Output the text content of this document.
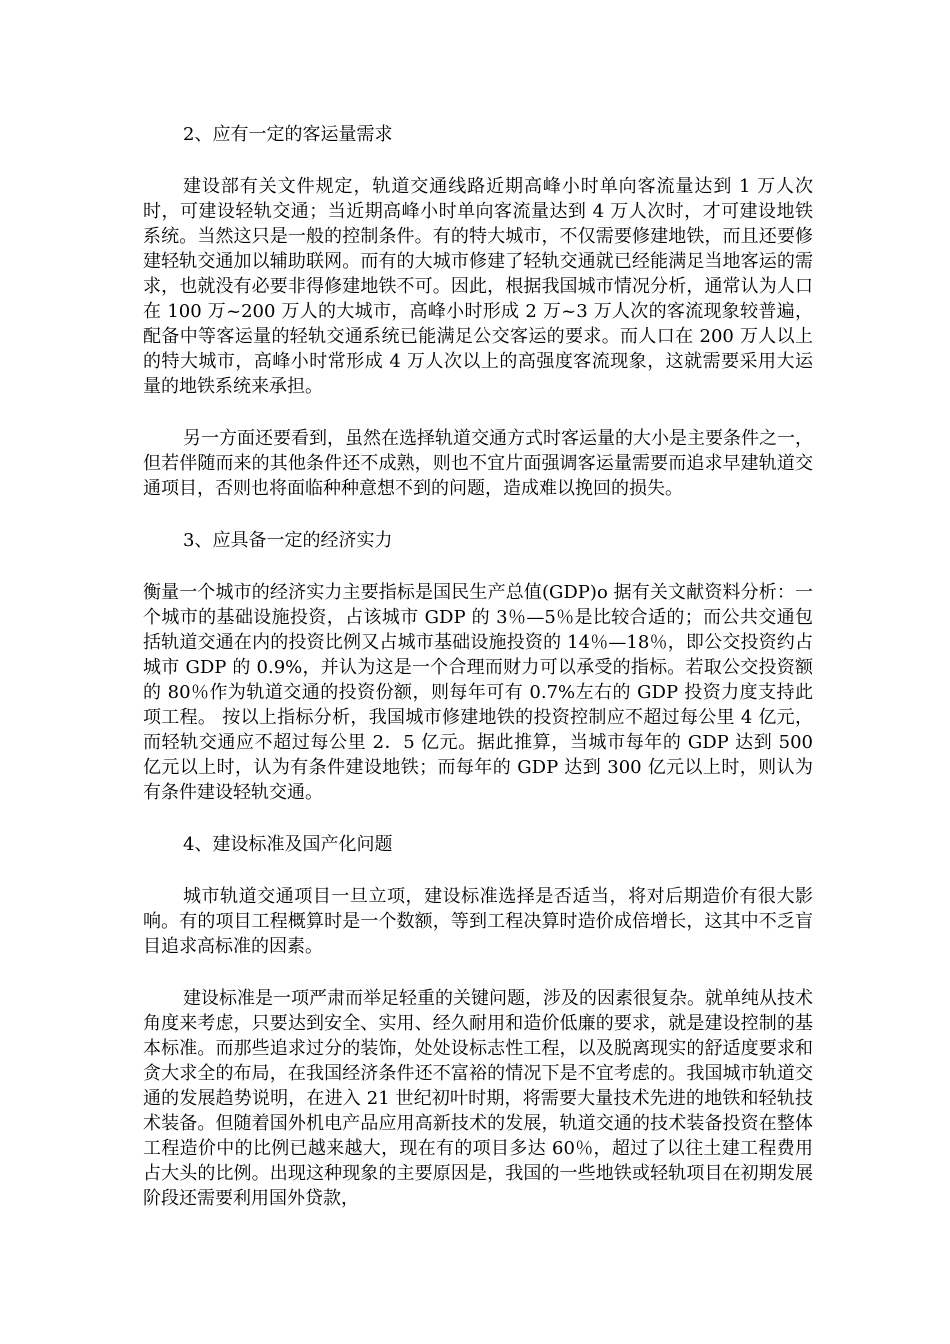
2、应有一定的客运量需求

建设部有关文件规定，轨道交通线路近期高峰小时单向客流量达到 1 万人次时，可建设轻轨交通；当近期高峰小时单向客流量达到 4 万人次时，才可建设地铁系统。当然这只是一般的控制条件。有的特大城市，不仅需要修建地铁，而且还要修建轻轨交通加以辅助联网。而有的大城市修建了轻轨交通就已经能满足当地客运的需求，也就没有必要非得修建地铁不可。因此，根据我国城市情况分析，通常认为人口在 100 万~200 万人的大城市，高峰小时形成 2 万~3 万人次的客流现象较普遍，配备中等客运量的轻轨交通系统已能满足公交客运的要求。而人口在 200 万人以上的特大城市，高峰小时常形成 4 万人次以上的高强度客流现象，这就需要采用大运量的地铁系统来承担。

另一方面还要看到，虽然在选择轨道交通方式时客运量的大小是主要条件之一，但若伴随而来的其他条件还不成熟，则也不宜片面强调客运量需要而追求早建轨道交通项目，否则也将面临种种意想不到的问题，造成难以挽回的损失。

3、应具备一定的经济实力

衡量一个城市的经济实力主要指标是国民生产总值(GDP)o 据有关文献资料分析：一个城市的基础设施投资，占该城市 GDP 的 3％—5％是比较合适的；而公共交通包括轨道交通在内的投资比例又占城市基础设施投资的 14％—18％，即公交投资约占城市 GDP 的 0.9%，并认为这是一个合理而财力可以承受的指标。若取公交投资额的 80％作为轨道交通的投资份额，则每年可有 0.7%左右的 GDP 投资力度支持此项工程。 按以上指标分析，我国城市修建地铁的投资控制应不超过每公里 4 亿元，而轻轨交通应不超过每公里 2．5 亿元。据此推算，当城市每年的 GDP 达到 500 亿元以上时，认为有条件建设地铁；而每年的 GDP 达到 300 亿元以上时，则认为有条件建设轻轨交通。

4、建设标准及国产化问题

城市轨道交通项目一旦立项，建设标准选择是否适当，将对后期造价有很大影响。有的项目工程概算时是一个数额，等到工程决算时造价成倍增长，这其中不乏盲目追求高标准的因素。

建设标准是一项严肃而举足轻重的关键问题，涉及的因素很复杂。就单纯从技术角度来考虑，只要达到安全、实用、经久耐用和造价低廉的要求，就是建设控制的基本标准。而那些追求过分的装饰，处处设标志性工程，以及脱离现实的舒适度要求和贪大求全的布局，在我国经济条件还不富裕的情况下是不宜考虑的。我国城市轨道交通的发展趋势说明，在进入 21 世纪初叶时期，将需要大量技术先进的地铁和轻轨技术装备。但随着国外机电产品应用高新技术的发展，轨道交通的技术装备投资在整体工程造价中的比例已越来越大，现在有的项目多达 60％，超过了以往土建工程费用占大头的比例。出现这种现象的主要原因是，我国的一些地铁或轻轨项目在初期发展阶段还需要利用国外贷款，
